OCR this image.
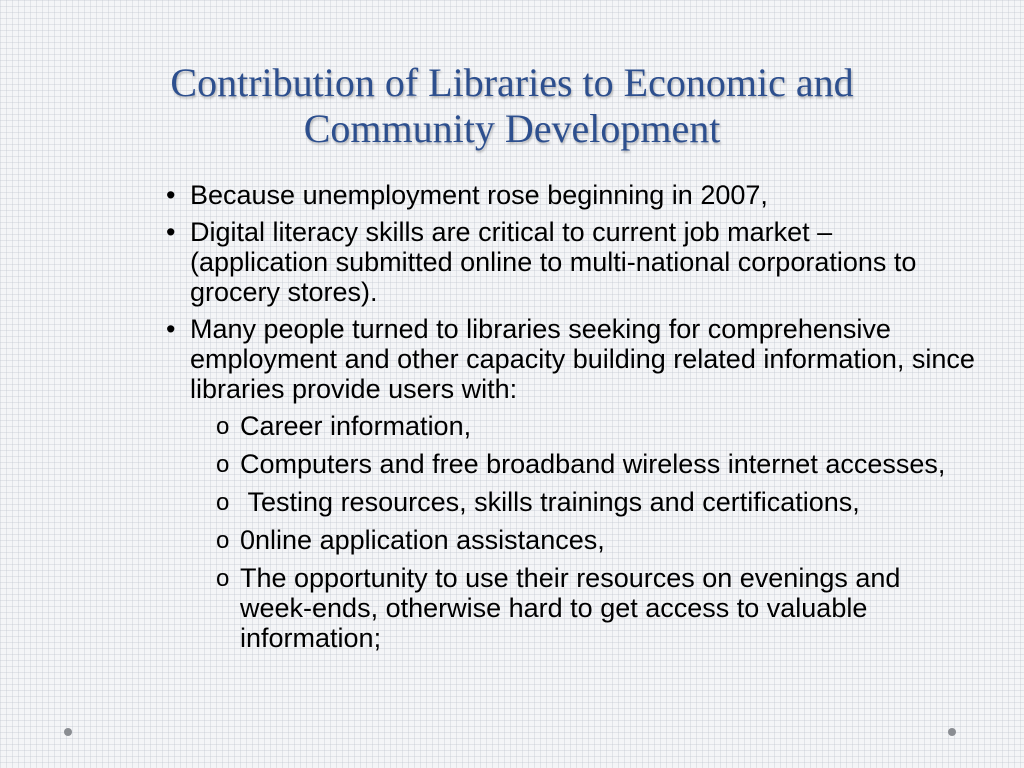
Contribution of Libraries to Economic and
Community Development
• Because unemployment rose beginning in 2007,
• Digital literacy skills are critical to current job market – (application submitted online to multi-national corporations to grocery stores).
• Many people turned to libraries seeking for comprehensive employment and other capacity building related information, since libraries provide users with:
o Career information,
o Computers and free broadband wireless internet accesses,
o Testing resources, skills trainings and certifications,
o 0nline application assistances,
o The opportunity to use their resources on evenings and week-ends, otherwise hard to get access to valuable information;
